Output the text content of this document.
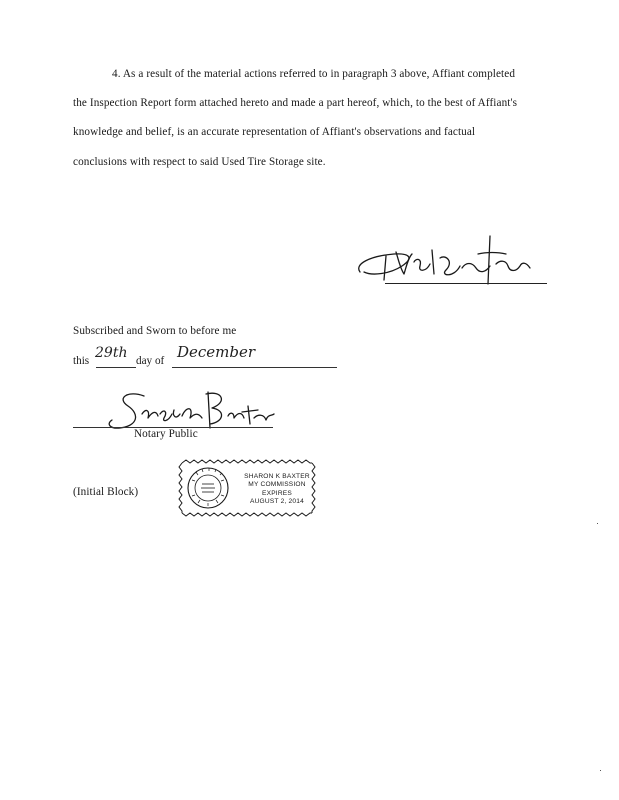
4. As a result of the material actions referred to in paragraph 3 above, Affiant completed
the Inspection Report form attached hereto and made a part hereof, which, to the best of Affiant's
knowledge and belief, is an accurate representation of Affiant's observations and factual
conclusions with respect to said Used Tire Storage site.
Subscribed and Sworn to before me
this 29th day of December
Notary Public
(Initial Block)
SHARON K BAXTER
MY COMMISSION EXPIRES
AUGUST 2, 2014
